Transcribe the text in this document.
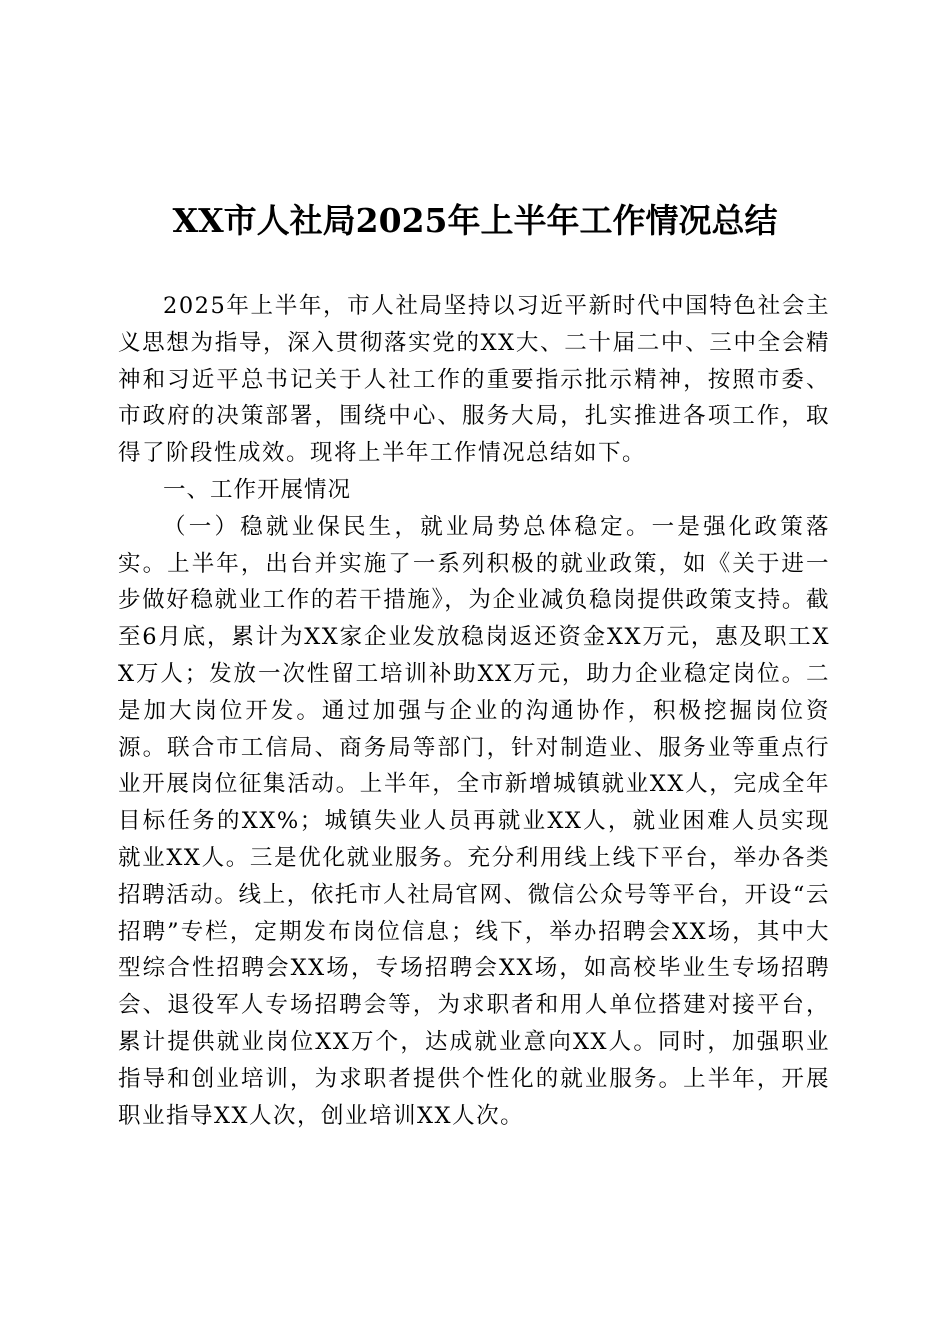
XX市人社局2025年上半年工作情况总结

2025年上半年，市人社局坚持以习近平新时代中国特色社会主义思想为指导，深入贯彻落实党的XX大、二十届二中、三中全会精神和习近平总书记关于人社工作的重要指示批示精神，按照市委、市政府的决策部署，围绕中心、服务大局，扎实推进各项工作，取得了阶段性成效。现将上半年工作情况总结如下。

一、工作开展情况

（一）稳就业保民生，就业局势总体稳定。一是强化政策落实。上半年，出台并实施了一系列积极的就业政策，如《关于进一步做好稳就业工作的若干措施》，为企业减负稳岗提供政策支持。截至6月底，累计为XX家企业发放稳岗返还资金XX万元，惠及职工XX万人；发放一次性留工培训补助XX万元，助力企业稳定岗位。二是加大岗位开发。通过加强与企业的沟通协作，积极挖掘岗位资源。联合市工信局、商务局等部门，针对制造业、服务业等重点行业开展岗位征集活动。上半年，全市新增城镇就业XX人，完成全年目标任务的XX%；城镇失业人员再就业XX人，就业困难人员实现就业XX人。三是优化就业服务。充分利用线上线下平台，举办各类招聘活动。线上，依托市人社局官网、微信公众号等平台，开设“云招聘”专栏，定期发布岗位信息；线下，举办招聘会XX场，其中大型综合性招聘会XX场，专场招聘会XX场，如高校毕业生专场招聘会、退役军人专场招聘会等，为求职者和用人单位搭建对接平台，累计提供就业岗位XX万个，达成就业意向XX人。同时，加强职业指导和创业培训，为求职者提供个性化的就业服务。上半年，开展职业指导XX人次，创业培训XX人次。
